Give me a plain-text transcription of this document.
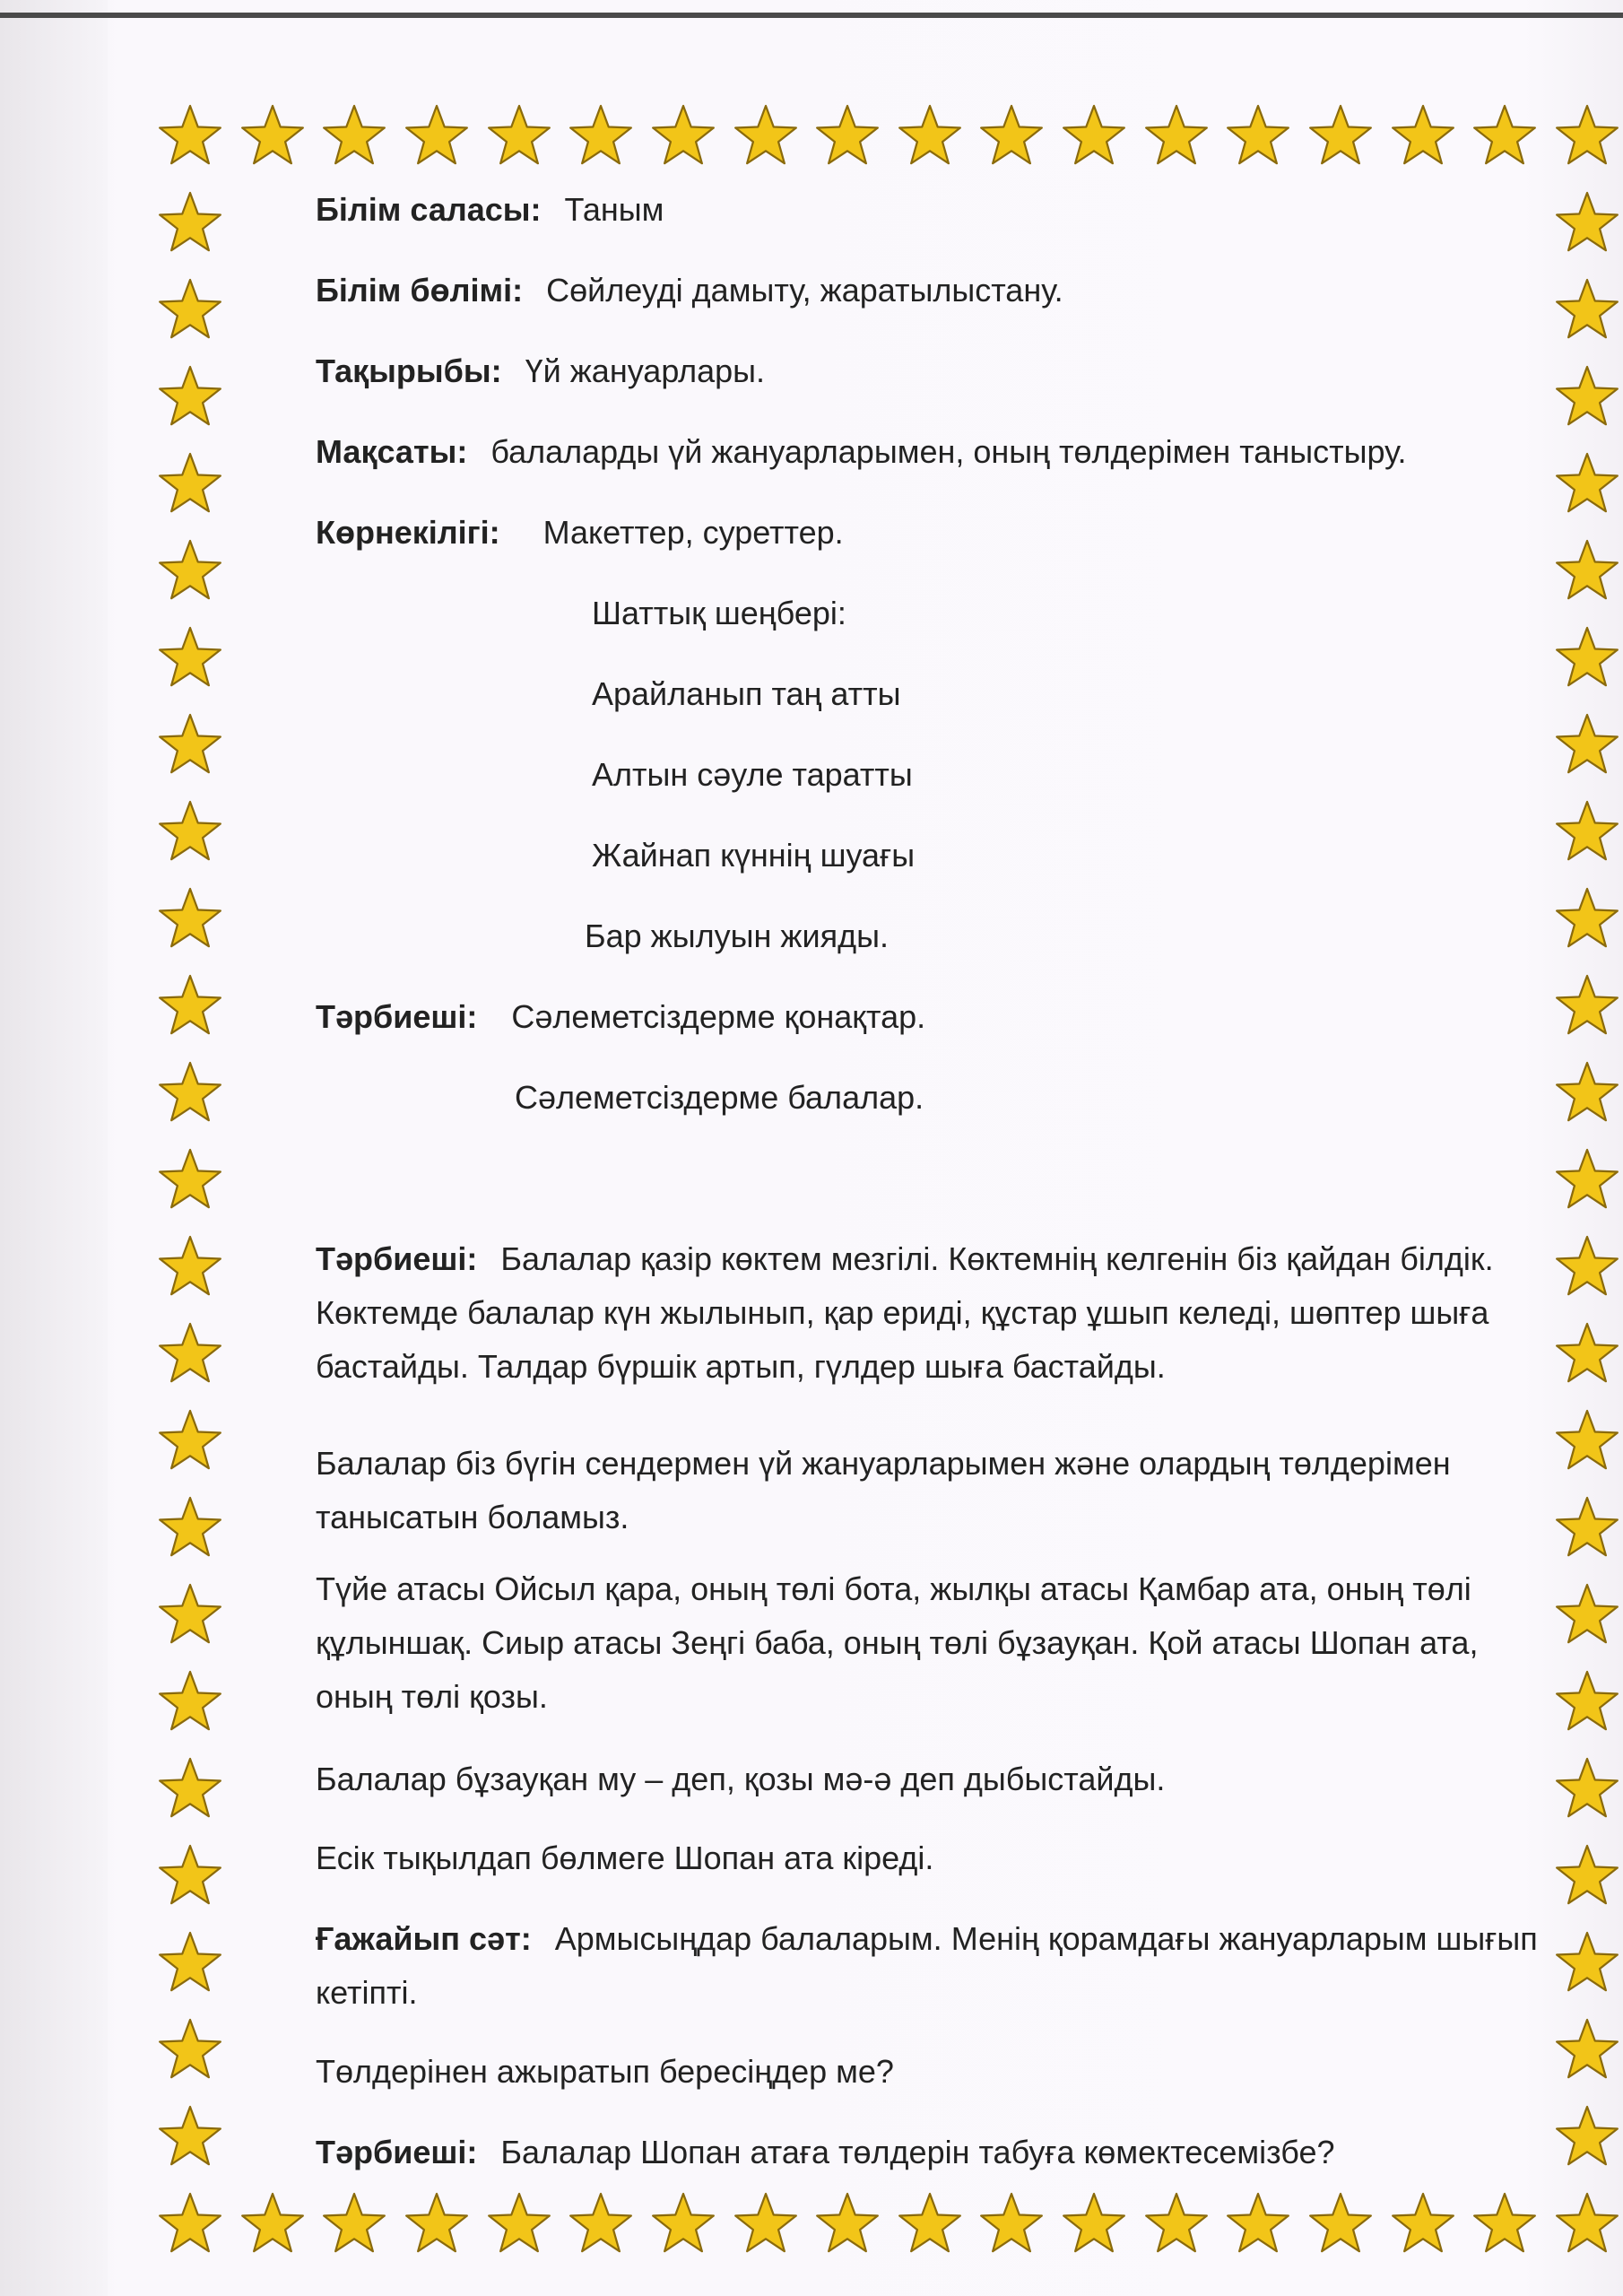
Білім саласы: Таным
Білім бөлімі: Сөйлеуді дамыту, жаратылыстану.
Тақырыбы: Үй жануарлары.
Мақсаты: балаларды үй жануарларымен, оның төлдерімен таныстыру.
Көрнекілігі: Макеттер, суреттер.
Шаттық шеңбері:
Арайланып таң атты
Алтын сәуле таратты
Жайнап күннің шуағы
Бар жылуын жияды.
Тәрбиеші: Сәлеметсіздерме қонақтар.
Сәлеметсіздерме балалар.
Тәрбиеші: Балалар қазір көктем мезгілі. Көктемнің келгенін біз қайдан білдік. Көктемде балалар күн жылынып, қар ериді, құстар ұшып келеді, шөптер шыға бастайды. Талдар бүршік артып, гүлдер шыға бастайды.
Балалар біз бүгін сендермен үй жануарларымен және олардың төлдерімен танысатын боламыз.
Түйе атасы Ойсыл қара, оның төлі бота, жылқы атасы Қамбар ата, оның төлі құлыншақ. Сиыр атасы Зеңгі баба, оның төлі бұзауқан. Қой атасы Шопан ата, оның төлі қозы.
Балалар бұзауқан му – деп, қозы мә-ә деп дыбыстайды.
Есік тықылдап бөлмеге Шопан ата кіреді.
Ғажайып сәт: Армысыңдар балаларым. Менің қорамдағы жануарларым шығып кетіпті.
Төлдерінен ажыратып бересіңдер ме?
Тәрбиеші: Балалар Шопан атаға төлдерін табуға көмектесемізбе?
